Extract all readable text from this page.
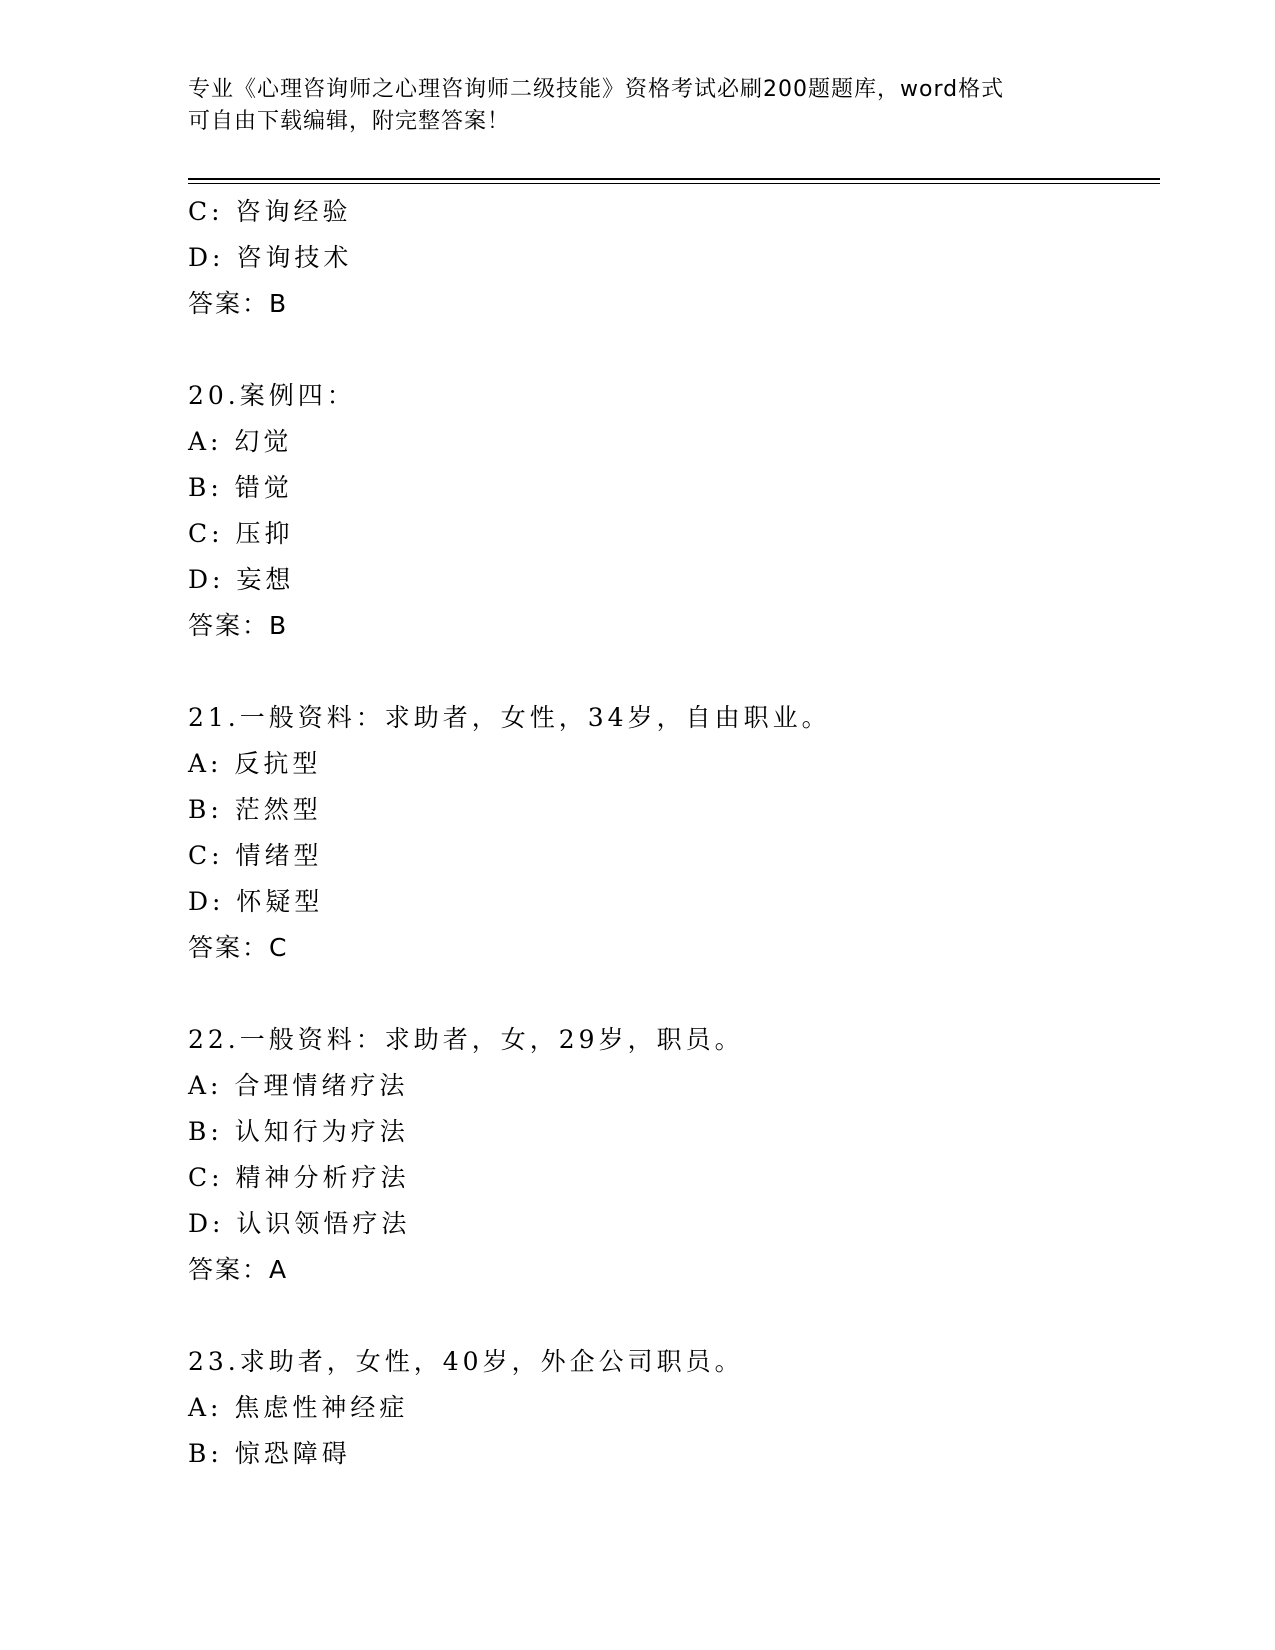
专业《心理咨询师之心理咨询师二级技能》资格考试必刷200题题库，word格式
可自由下载编辑，附完整答案！
C: 咨询经验
D: 咨询技术
答案：B
20.案例四：
A: 幻觉
B: 错觉
C: 压抑
D: 妄想
答案：B
21.一般资料：求助者，女性，34岁，自由职业。
A: 反抗型
B: 茫然型
C: 情绪型
D: 怀疑型
答案：C
22.一般资料：求助者，女，29岁，职员。
A: 合理情绪疗法
B: 认知行为疗法
C: 精神分析疗法
D: 认识领悟疗法
答案：A
23.求助者，女性，40岁，外企公司职员。
A: 焦虑性神经症
B: 惊恐障碍
